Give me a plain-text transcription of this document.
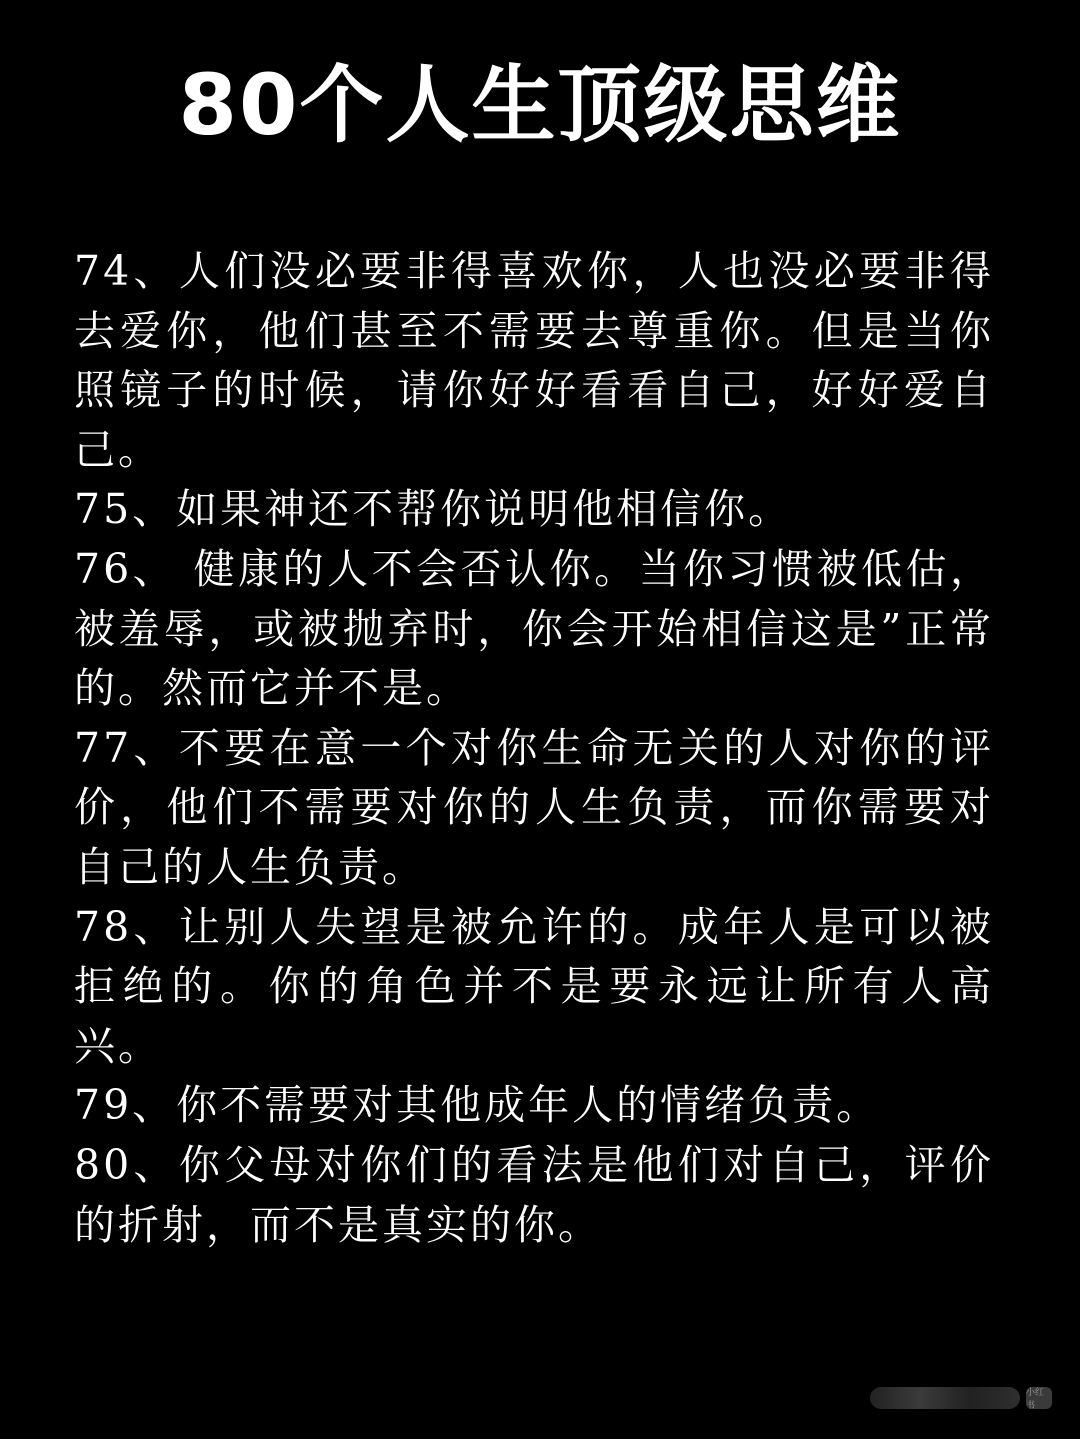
80个人生顶级思维

74、人们没必要非得喜欢你，人也没必要非得去爱你，他们甚至不需要去尊重你。但是当你照镜子的时候，请你好好看看自己，好好爱自己。

75、如果神还不帮你说明他相信你。

76、 健康的人不会否认你。当你习惯被低估，被羞辱，或被抛弃时，你会开始相信这是”正常的。然而它并不是。

77、不要在意一个对你生命无关的人对你的评价，他们不需要对你的人生负责，而你需要对自己的人生负责。

78、让别人失望是被允许的。成年人是可以被拒绝的。你的角色并不是要永远让所有人高兴。

79、你不需要对其他成年人的情绪负责。

80、你父母对你们的看法是他们对自己，评价的折射，而不是真实的你。

小红书
